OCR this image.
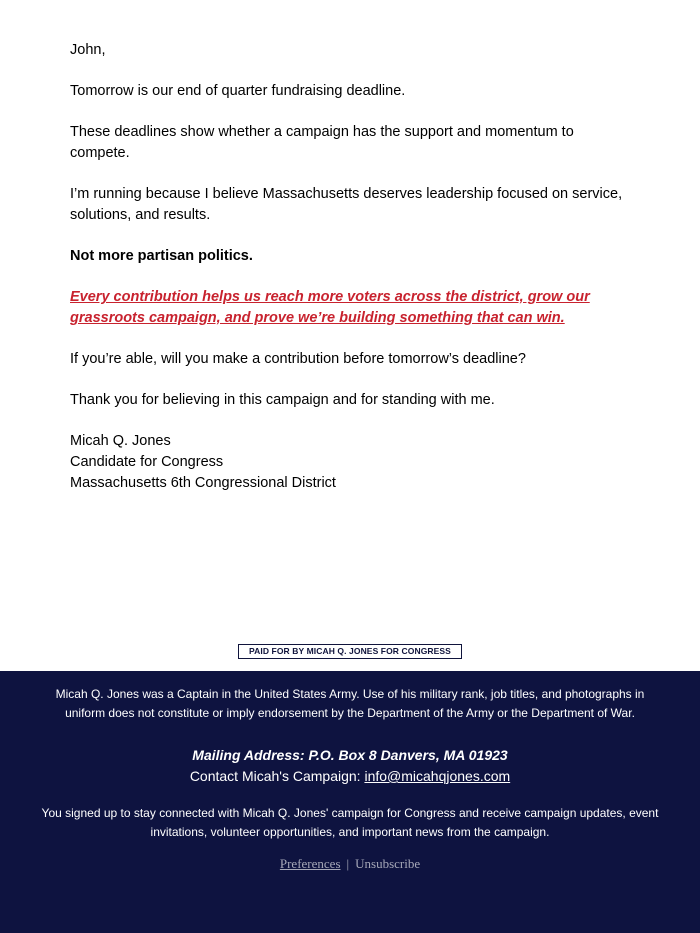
John,

Tomorrow is our end of quarter fundraising deadline.

These deadlines show whether a campaign has the support and momentum to compete.

I’m running because I believe Massachusetts deserves leadership focused on service, solutions, and results.

Not more partisan politics.

Every contribution helps us reach more voters across the district, grow our grassroots campaign, and prove we’re building something that can win.

If you’re able, will you make a contribution before tomorrow’s deadline?

Thank you for believing in this campaign and for standing with me.

Micah Q. Jones

Candidate for Congress

Massachusetts 6th Congressional District

PAID FOR BY MICAH Q. JONES FOR CONGRESS
Micah Q. Jones was a Captain in the United States Army. Use of his military rank, job titles, and photographs in uniform does not constitute or imply endorsement by the Department of the Army or the Department of War.
Mailing Address: P.O. Box 8 Danvers, MA 01923
Contact Micah's Campaign: info@micahqjones.com
You signed up to stay connected with Micah Q. Jones' campaign for Congress and receive campaign updates, event invitations, volunteer opportunities, and important news from the campaign.
Preferences | Unsubscribe
